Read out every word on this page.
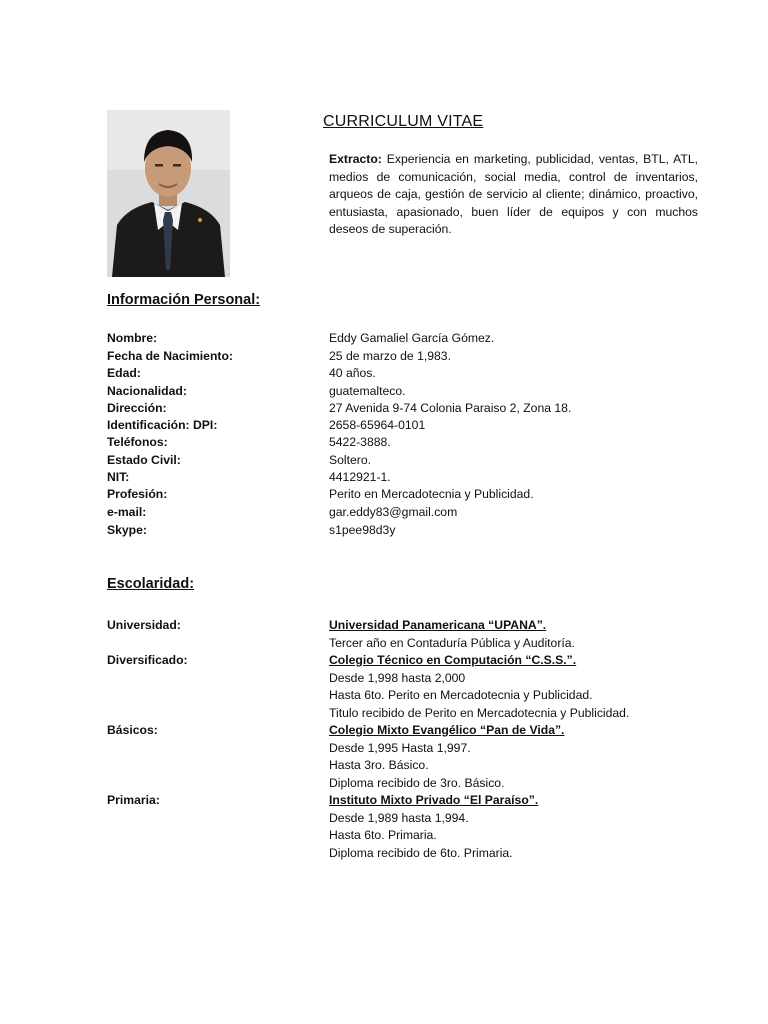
CURRICULUM VITAE
Extracto: Experiencia en marketing, publicidad, ventas, BTL, ATL, medios de comunicación, social media, control de inventarios, arqueos de caja, gestión de servicio al cliente; dinámico, proactivo, entusiasta, apasionado, buen líder de equipos y con muchos deseos de superación.
Información Personal:
Nombre:	Eddy Gamaliel García Gómez.
Fecha de Nacimiento:	25 de marzo de 1,983.
Edad:	40 años.
Nacionalidad:	guatemalteco.
Dirección:	27 Avenida 9-74 Colonia Paraiso 2, Zona 18.
Identificación: DPI:	2658-65964-0101
Teléfonos:	5422-3888.
Estado Civil:	Soltero.
NIT:	4412921-1.
Profesión:	Perito en Mercadotecnia y Publicidad.
e-mail:	gar.eddy83@gmail.com
Skype:	s1pee98d3y
Escolaridad:
Universidad:	Universidad Panamericana “UPANA”.
Tercer año en Contaduría Pública y Auditoría.
Diversificado:	Colegio Técnico en Computación “C.S.S.”.
Desde 1,998 hasta 2,000
Hasta 6to. Perito en Mercadotecnia y Publicidad.
Titulo recibido de Perito en Mercadotecnia y Publicidad.
Básicos:	Colegio Mixto Evangélico “Pan de Vida”.
Desde 1,995 Hasta 1,997.
Hasta 3ro. Básico.
Diploma recibido de 3ro. Básico.
Primaria:	Instituto Mixto Privado “El Paraíso”.
Desde 1,989 hasta 1,994.
Hasta 6to. Primaria.
Diploma recibido de 6to. Primaria.
